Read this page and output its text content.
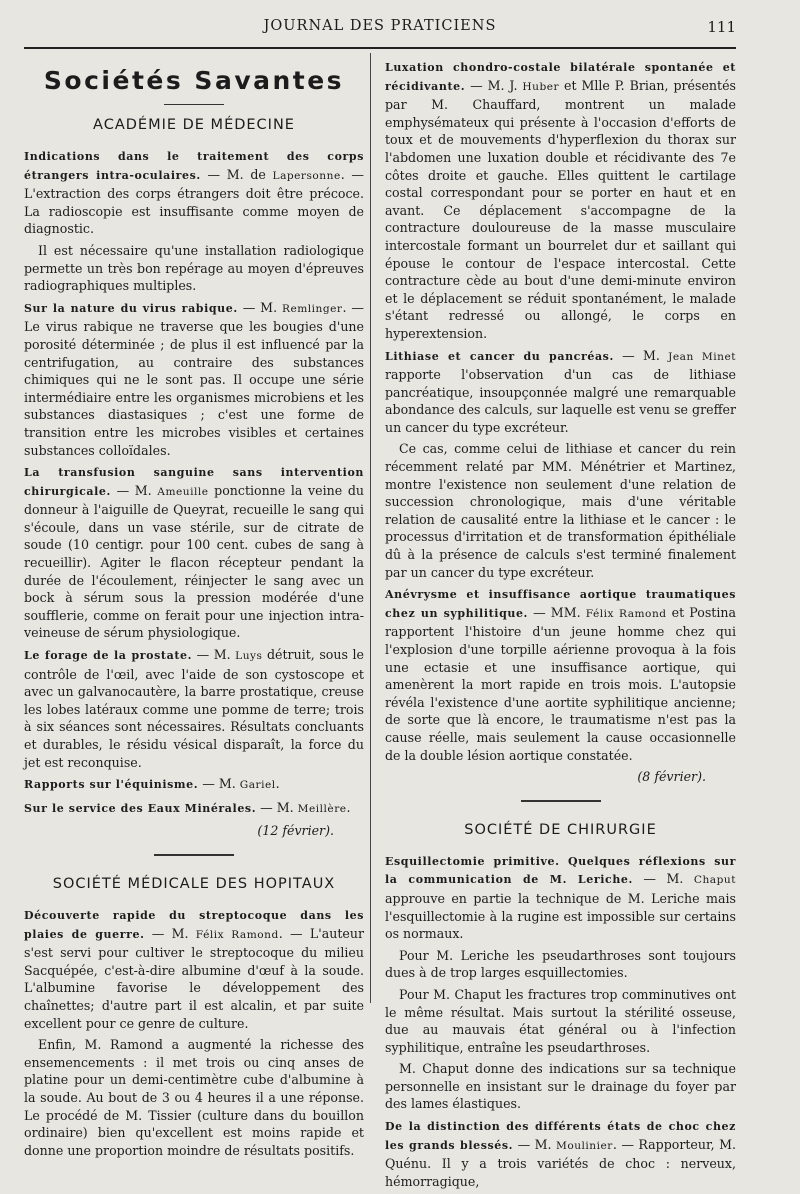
JOURNAL DES PRATICIENS	111
Sociétés Savantes
ACADÉMIE DE MÉDECINE

Indications dans le traitement des corps étrangers intra-oculaires. — M. de Lapersonne. — L'extraction des corps étrangers doit être précoce. La radioscopie est insuffisante comme moyen de diagnostic.

Il est nécessaire qu'une installation radiologique permette un très bon repérage au moyen d'épreuves radiographiques multiples.

Sur la nature du virus rabique. — M. Remlinger. — Le virus rabique ne traverse que les bougies d'une porosité déterminée ; de plus il est influencé par la centrifugation, au contraire des substances chimiques qui ne le sont pas. Il occupe une série intermédiaire entre les organismes microbiens et les substances diastasiques ; c'est une forme de transition entre les microbes visibles et certaines substances colloïdales.

La transfusion sanguine sans intervention chirurgicale. — M. Ameuille ponctionne la veine du donneur à l'aiguille de Queyrat, recueille le sang qui s'écoule, dans un vase stérile, sur de citrate de soude (10 centigr. pour 100 cent. cubes de sang à recueillir). Agiter le flacon récepteur pendant la durée de l'écoulement, réinjecter le sang avec un bock à sérum sous la pression modérée d'une soufflerie, comme on ferait pour une injection intra-veineuse de sérum physiologique.

Le forage de la prostate. — M. Luys détruit, sous le contrôle de l'œil, avec l'aide de son cystoscope et avec un galvanocautère, la barre prostatique, creuse les lobes latéraux comme une pomme de terre; trois à six séances sont nécessaires. Résultats concluants et durables, le résidu vésical disparaît, la force du jet est reconquise.

Rapports sur l'équinisme. — M. Gariel.

Sur le service des Eaux Minérales. — M. Meillère.

(12 février).
SOCIÉTÉ MÉDICALE DES HOPITAUX

Découverte rapide du streptocoque dans les plaies de guerre. — M. Félix Ramond. — L'auteur s'est servi pour cultiver le streptocoque du milieu Sacquépée, c'est-à-dire albumine d'œuf à la soude. L'albumine favorise le développement des chaînettes; d'autre part il est alcalin, et par suite excellent pour ce genre de culture.

Enfin, M. Ramond a augmenté la richesse des ensemencements : il met trois ou cinq anses de platine pour un demi-centimètre cube d'albumine à la soude. Au bout de 3 ou 4 heures il a une réponse. Le procédé de M. Tissier (culture dans du bouillon ordinaire) bien qu'excellent est moins rapide et donne une proportion moindre de résultats positifs.

Luxation chondro-costale bilatérale spontanée et récidivante. — M. J. Huber et Mlle P. Brian, présentés par M. Chauffard, montrent un malade emphysémateux qui présente à l'occasion d'efforts de toux et de mouvements d'hyperflexion du thorax sur l'abdomen une luxation double et récidivante des 7e côtes droite et gauche. Elles quittent le cartilage costal correspondant pour se porter en haut et en avant. Ce déplacement s'accompagne de la contracture douloureuse de la masse musculaire intercostale formant un bourrelet dur et saillant qui épouse le contour de l'espace intercostal. Cette contracture cède au bout d'une demi-minute environ et le déplacement se réduit spontanément, le malade s'étant redressé ou allongé, le corps en hyperextension.

Lithiase et cancer du pancréas. — M. Jean Minet rapporte l'observation d'un cas de lithiase pancréatique, insoupçonnée malgré une remarquable abondance des calculs, sur laquelle est venu se greffer un cancer du type excréteur.

Ce cas, comme celui de lithiase et cancer du rein récemment relaté par MM. Ménétrier et Martinez, montre l'existence non seulement d'une relation de succession chronologique, mais d'une véritable relation de causalité entre la lithiase et le cancer : le processus d'irritation et de transformation épithéliale dû à la présence de calculs s'est terminé finalement par un cancer du type excréteur.

Anévrysme et insuffisance aortique traumatiques chez un syphilitique. — MM. Félix Ramond et Postina rapportent l'histoire d'un jeune homme chez qui l'explosion d'une torpille aérienne provoqua à la fois une ectasie et une insuffisance aortique, qui amenèrent la mort rapide en trois mois. L'autopsie révéla l'existence d'une aortite syphilitique ancienne; de sorte que là encore, le traumatisme n'est pas la cause réelle, mais seulement la cause occasionnelle de la double lésion aortique constatée.

(8 février).
SOCIÉTÉ DE CHIRURGIE

Esquillectomie primitive. Quelques réflexions sur la communication de M. Leriche. — M. Chaput approuve en partie la technique de M. Leriche mais l'esquillectomie à la rugine est impossible sur certains os normaux.

Pour M. Leriche les pseudarthroses sont toujours dues à de trop larges esquillectomies.

Pour M. Chaput les fractures trop comminutives ont le même résultat. Mais surtout la stérilité osseuse, due au mauvais état général ou à l'infection syphilitique, entraîne les pseudarthroses.

M. Chaput donne des indications sur sa technique personnelle en insistant sur le drainage du foyer par des lames élastiques.

De la distinction des différents états de choc chez les grands blessés. — M. Moulinier. — Rapporteur, M. Quénu. Il y a trois variétés de choc : nerveux, hémorragique,
